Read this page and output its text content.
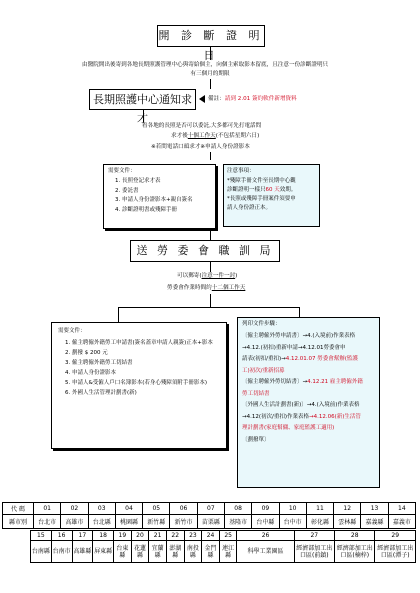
開 診 斷 證 明 日
由醫院開出後寄到各地長期照護管理中心與寄給個主，向個主索取影本留底，且注意一份診斷證明只
有三個月的期限
長期照護中心通知求才
備註：請到 2.01 簽約軟件新增資料
看各地的長照是否可以委託,大多都可先打電話問
求才後十個工作天(不包括星期六日)
※若問電話口頭求才※申請人身份證影本
需要文件：
1. 長照登記求才表
2. 委託書
3. 申請人身份證影本+親自簽名
4. 診斷證明書或殘障手冊
注意事項：
*殘障手冊文件至長期中心觀
診斷證明一樣只60 天效期。
*長照或殘障手冊案件須要申
請人身份證正本。
送 勞 委 會 職 訓 局
可以郵寄(注意一件一封)
勞委會作業時間約十二個工作天
需要文件：
1. 僱主聘僱外籍勞工申請書(簽名蓋章申請人親簽)正本+影本
2. 劃撥 $ 200 元
3. 僱主聘僱外籍勞工切結書
4. 申請人身份證影本
5. 申請人&受僱人戶口名簿影本(若身心殘障須附手冊影本)
6. 外國人生活管理計劃書(新)
列印文件步驟：
〔僱主聘僱外勞申請書〕→4.(入境前)作業表格
→4.12.(初扣)重新申請→4.12.01勞委會申
請表(初扣/重扣)→4.12.01.07 勞委會幫辦(監護
工)初次/重新招募
〔僱主聘僱外勞切結書〕→4.12.21 雇主聘僱外籍
勞工切結書
〔外國人生活計劃書(新)〕→4.(入境前)作業表格
→4.12(初次/重扣)作業表格→4.12.06(新)生活管
理計劃書(家庭幫傭、家庭監護工適用)
〔劃撥單〕
代 碼	01	02	03	04	05	06	07	08	09	10	11	12	13	14
縣市別	台北市	高雄市	台北縣	桃園縣	新竹縣	新竹市	苗栗縣	基隆市	台中縣	台中市	彰化縣	雲林縣	嘉義縣	嘉義市
15	16	17	18	19	20	21	22	23	24	25	26	27	28	29
台南縣	台南市	高雄縣	屏東縣	台東縣	花蓮縣	宜蘭縣	澎湖縣	南投縣	金門縣	連江縣	科學工業園區	經濟部加工出口區(前鎮)	經濟部加工出口區(楠梓)	經濟部加工出口區(潭子)
